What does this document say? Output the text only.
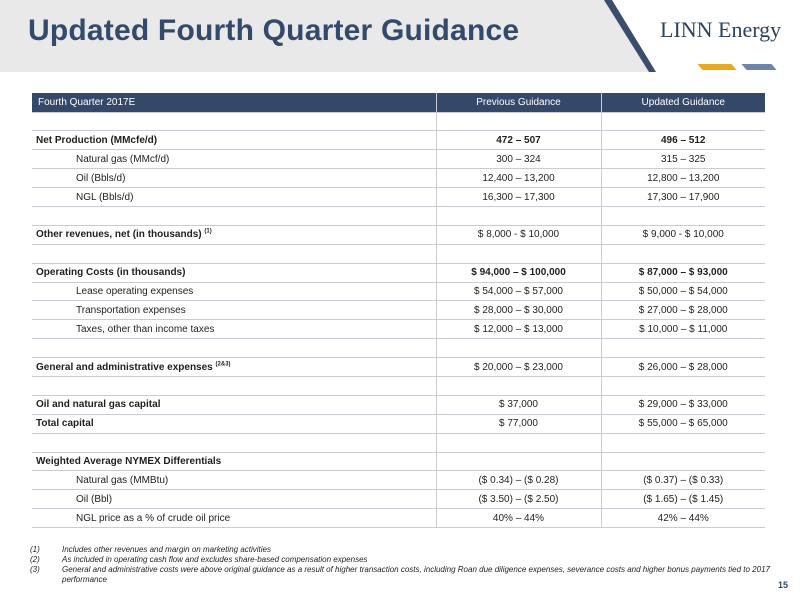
Updated Fourth Quarter Guidance	LINN Energy
Fourth Quarter 2017E	Previous Guidance	Updated Guidance

Net Production (MMcfe/d)	472 – 507	496 – 512
Natural gas (MMcf/d)	300 – 324	315 – 325
Oil (Bbls/d)	12,400 – 13,200	12,800 – 13,200
NGL (Bbls/d)	16,300 – 17,300	17,300 – 17,900

Other revenues, net (in thousands) $^{(1)}$	$ 8,000 - $ 10,000	$ 9,000 - $ 10,000

Operating Costs (in thousands)	$ 94,000 – $ 100,000	$ 87,000 – $ 93,000
Lease operating expenses	$ 54,000 – $ 57,000	$ 50,000 – $ 54,000
Transportation expenses	$ 28,000 – $ 30,000	$ 27,000 – $ 28,000
Taxes, other than income taxes	$ 12,000 – $ 13,000	$ 10,000 – $ 11,000

General and administrative expenses $^{(2\&3)}$	$ 20,000 – $ 23,000	$ 26,000 – $ 28,000

Oil and natural gas capital	$ 37,000	$ 29,000 – $ 33,000
Total capital	$ 77,000	$ 55,000 – $ 65,000

Weighted Average NYMEX Differentials		
Natural gas (MMBtu)	($ 0.34) – ($ 0.28)	($ 0.37) – ($ 0.33)
Oil (Bbl)	($ 3.50) – ($ 2.50)	($ 1.65) – ($ 1.45)
NGL price as a % of crude oil price	40% – 44%	42% – 44%
(1)	Includes other revenues and margin on marketing activities
(2)	As included in operating cash flow and excludes share-based compensation expenses
(3)	General and administrative costs were above original guidance as a result of higher transaction costs, including Roan due diligence expenses, severance costs and higher bonus payments tied to 2017 performance
15
